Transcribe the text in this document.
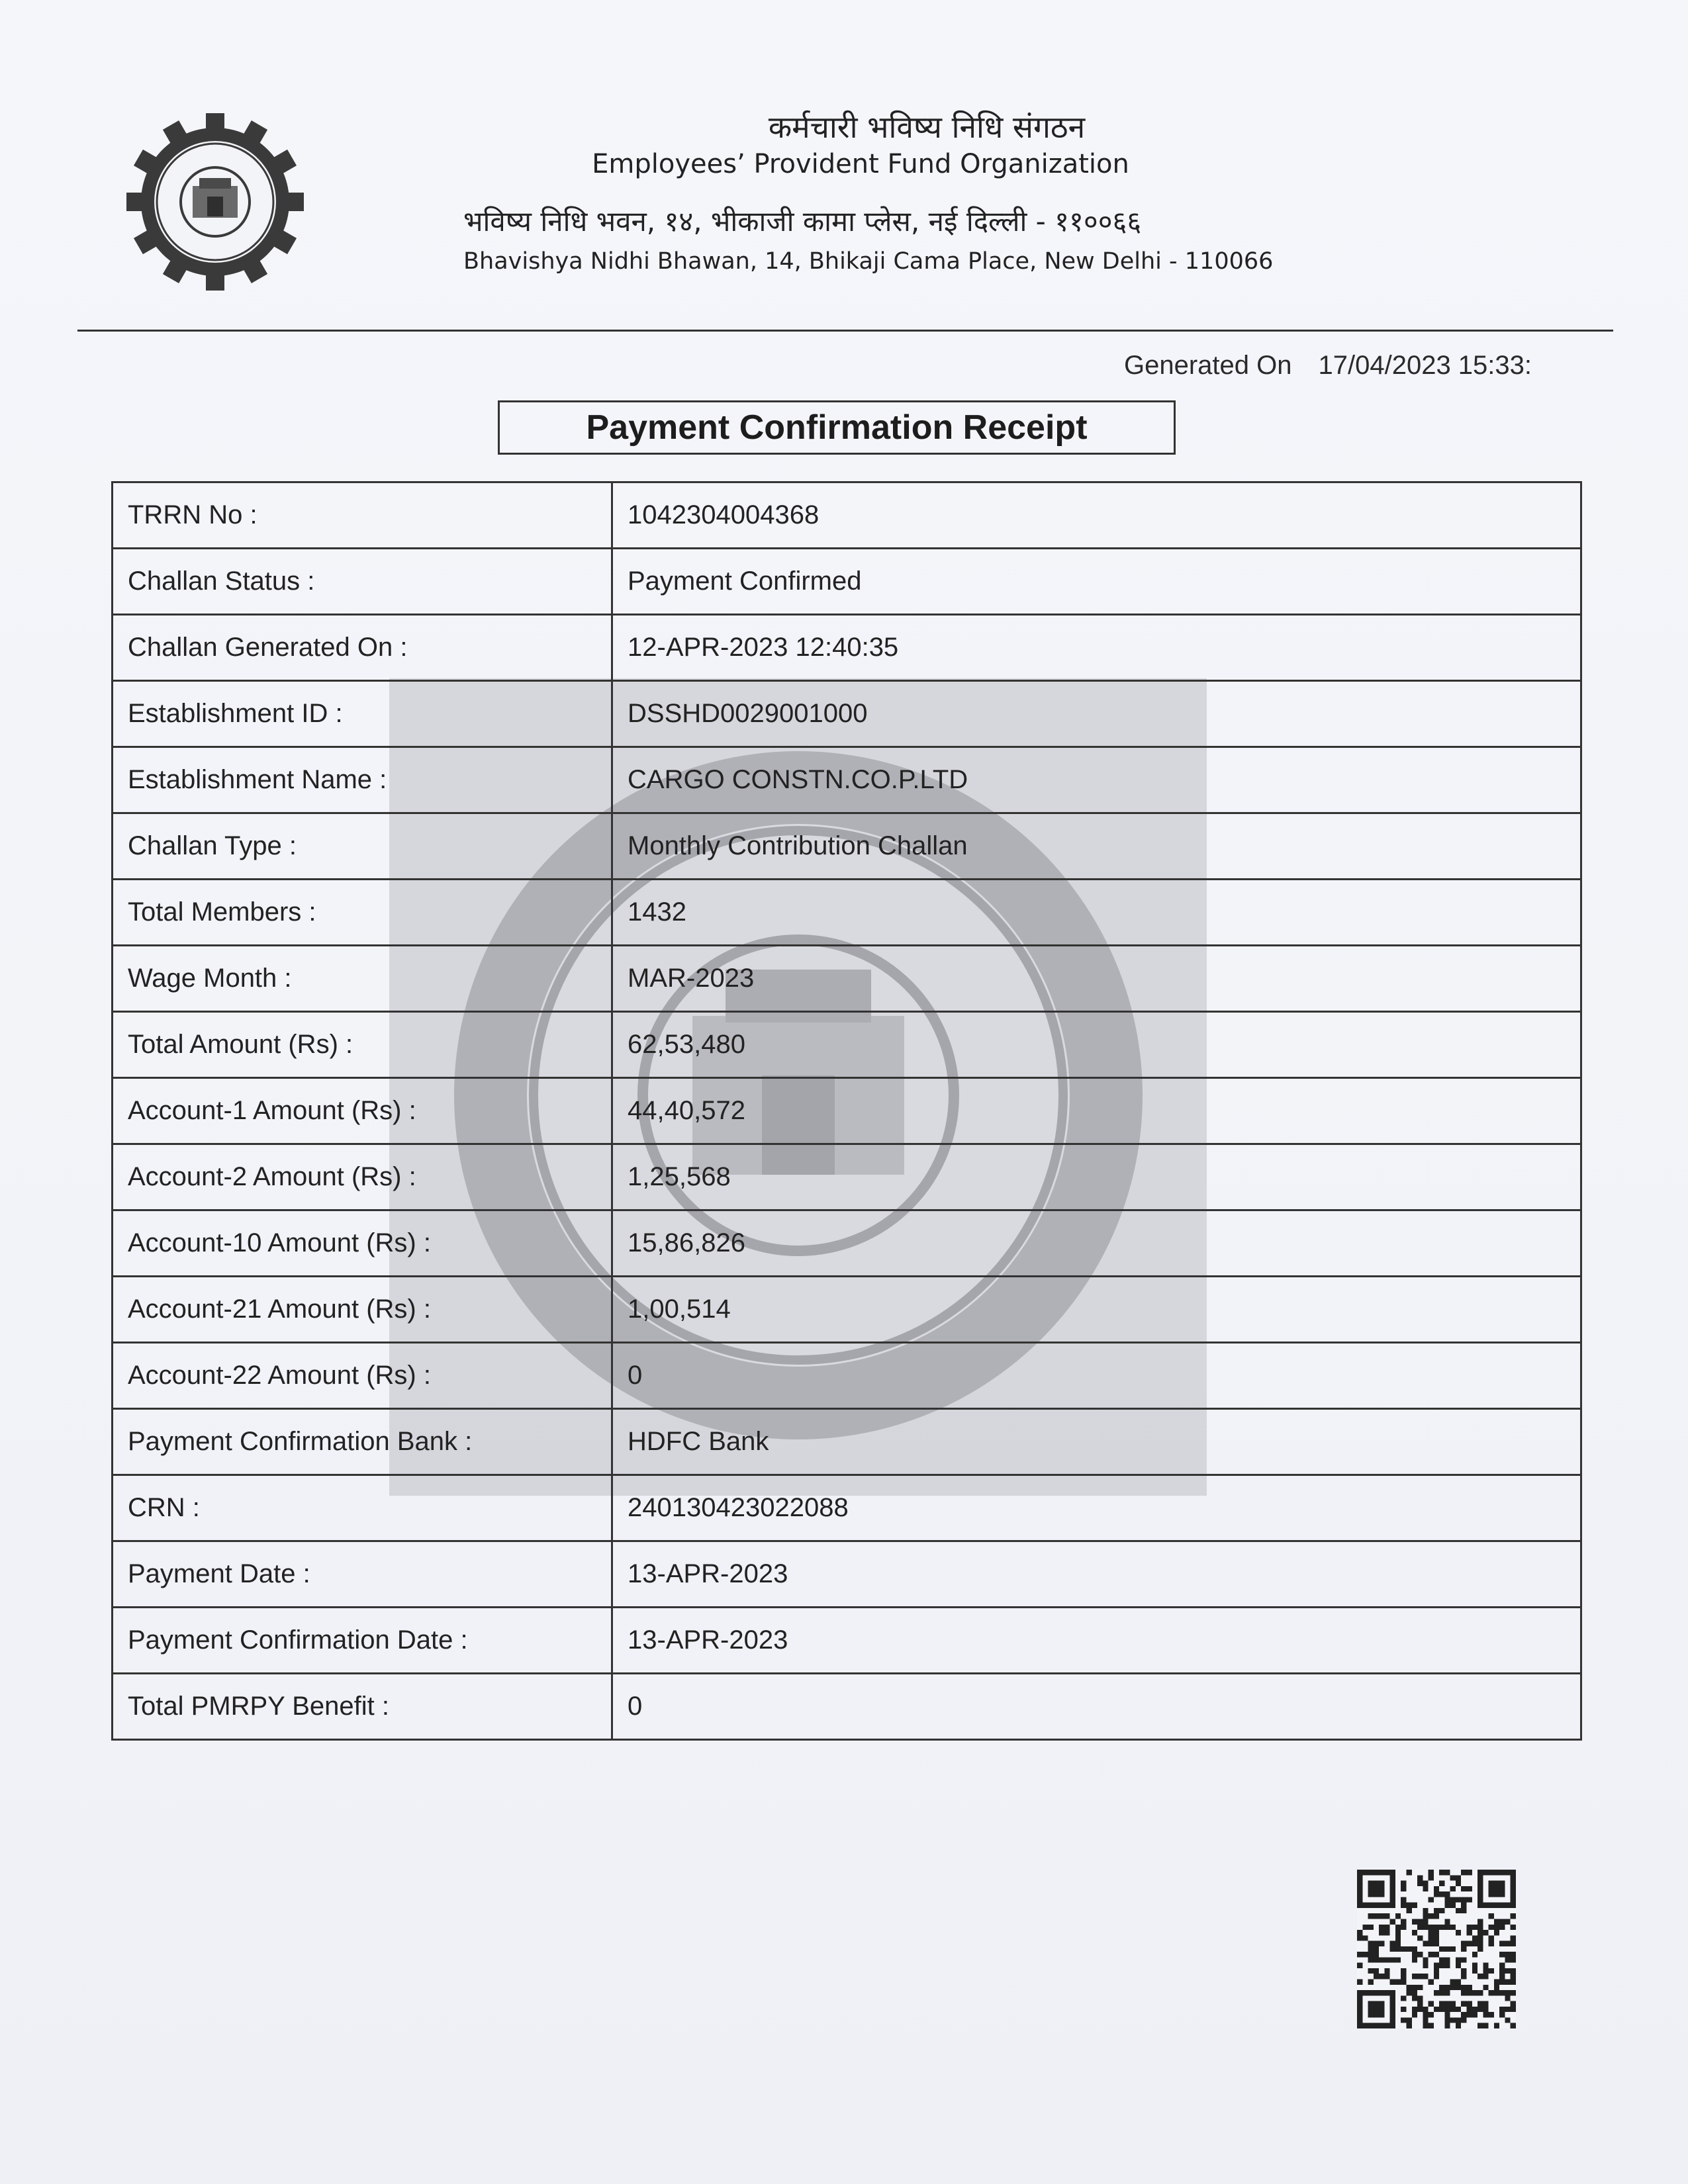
कर्मचारी भविष्य निधि संगठन
Employees’ Provident Fund Organization
भविष्य निधि भवन, १४, भीकाजी कामा प्लेस, नई दिल्ली - ११००६६
Bhavishya Nidhi Bhawan, 14, Bhikaji Cama Place, New Delhi - 110066
Generated On 17/04/2023 15:33:
Payment Confirmation Receipt
TRRN No :	1042304004368
Challan Status :	Payment Confirmed
Challan Generated On :	12-APR-2023 12:40:35
Establishment ID :	DSSHD0029001000
Establishment Name :	CARGO CONSTN.CO.P.LTD
Challan Type :	Monthly Contribution Challan
Total Members :	1432
Wage Month :	MAR-2023
Total Amount (Rs) :	62,53,480
Account-1 Amount (Rs) :	44,40,572
Account-2 Amount (Rs) :	1,25,568
Account-10 Amount (Rs) :	15,86,826
Account-21 Amount (Rs) :	1,00,514
Account-22 Amount (Rs) :	0
Payment Confirmation Bank :	HDFC Bank
CRN :	240130423022088
Payment Date :	13-APR-2023
Payment Confirmation Date :	13-APR-2023
Total PMRPY Benefit :	0
